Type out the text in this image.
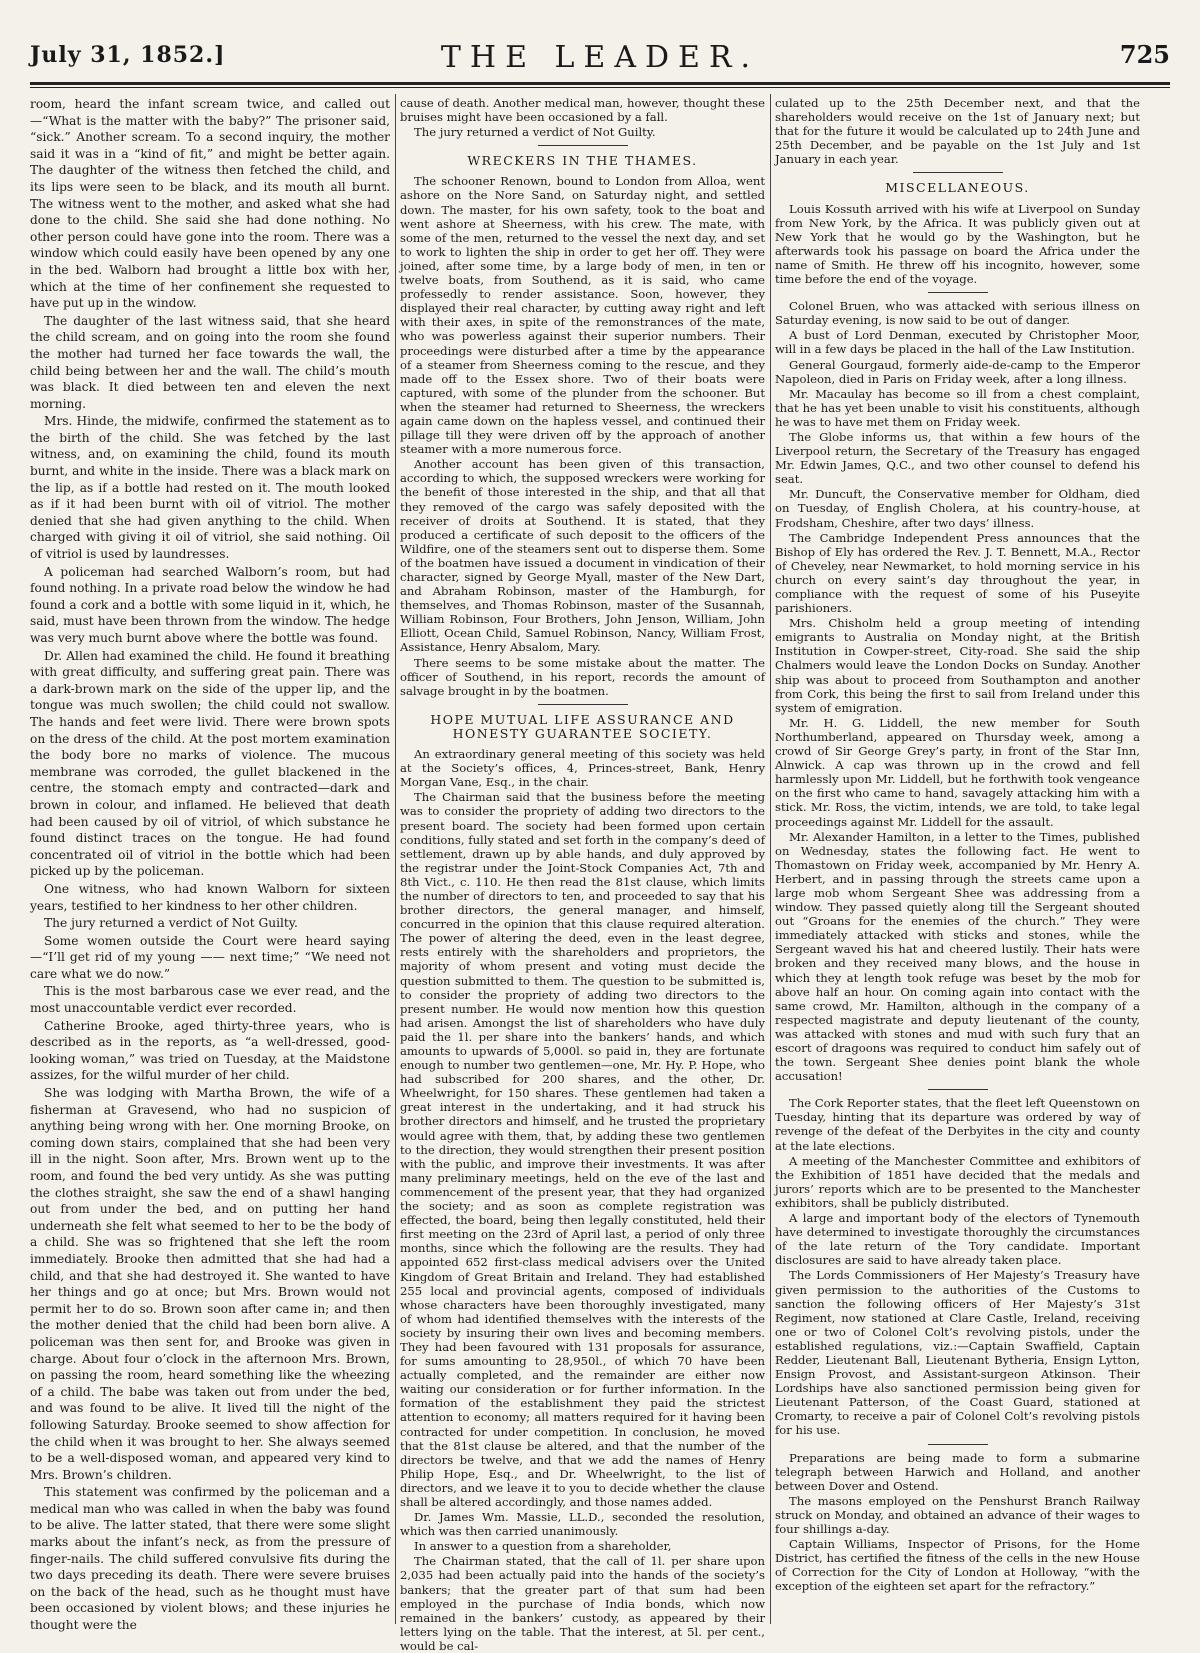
July 31, 1852.]	THE LEADER.	725

room, heard the infant scream twice, and called out—“What is the matter with the baby?” The prisoner said, “sick.” Another scream. To a second inquiry, the mother said it was in a “kind of fit,” and might be better again. The daughter of the witness then fetched the child, and its lips were seen to be black, and its mouth all burnt. The witness went to the mother, and asked what she had done to the child. She said she had done nothing. No other person could have gone into the room. There was a window which could easily have been opened by any one in the bed. Walborn had brought a little box with her, which at the time of her confinement she requested to have put up in the window.

The daughter of the last witness said, that she heard the child scream, and on going into the room she found the mother had turned her face towards the wall, the child being between her and the wall. The child’s mouth was black. It died between ten and eleven the next morning.

Mrs. Hinde, the midwife, confirmed the statement as to the birth of the child. She was fetched by the last witness, and, on examining the child, found its mouth burnt, and white in the inside. There was a black mark on the lip, as if a bottle had rested on it. The mouth looked as if it had been burnt with oil of vitriol. The mother denied that she had given anything to the child. When charged with giving it oil of vitriol, she said nothing. Oil of vitriol is used by laundresses.

A policeman had searched Walborn’s room, but had found nothing. In a private road below the window he had found a cork and a bottle with some liquid in it, which, he said, must have been thrown from the window. The hedge was very much burnt above where the bottle was found.

Dr. Allen had examined the child. He found it breathing with great difficulty, and suffering great pain. There was a dark-brown mark on the side of the upper lip, and the tongue was much swollen; the child could not swallow. The hands and feet were livid. There were brown spots on the dress of the child. At the post mortem examination the body bore no marks of violence. The mucous membrane was corroded, the gullet blackened in the centre, the stomach empty and contracted—dark and brown in colour, and inflamed. He believed that death had been caused by oil of vitriol, of which substance he found distinct traces on the tongue. He had found concentrated oil of vitriol in the bottle which had been picked up by the policeman.

One witness, who had known Walborn for sixteen years, testified to her kindness to her other children.

The jury returned a verdict of Not Guilty.

Some women outside the Court were heard saying—“I’ll get rid of my young —— next time;” “We need not care what we do now.”

This is the most barbarous case we ever read, and the most unaccountable verdict ever recorded.

Catherine Brooke, aged thirty-three years, who is described as in the reports, as “a well-dressed, good-looking woman,” was tried on Tuesday, at the Maidstone assizes, for the wilful murder of her child.

She was lodging with Martha Brown, the wife of a fisherman at Gravesend, who had no suspicion of anything being wrong with her. One morning Brooke, on coming down stairs, complained that she had been very ill in the night. Soon after, Mrs. Brown went up to the room, and found the bed very untidy. As she was putting the clothes straight, she saw the end of a shawl hanging out from under the bed, and on putting her hand underneath she felt what seemed to her to be the body of a child. She was so frightened that she left the room immediately. Brooke then admitted that she had had a child, and that she had destroyed it. She wanted to have her things and go at once; but Mrs. Brown would not permit her to do so. Brown soon after came in; and then the mother denied that the child had been born alive. A policeman was then sent for, and Brooke was given in charge. About four o’clock in the afternoon Mrs. Brown, on passing the room, heard something like the wheezing of a child. The babe was taken out from under the bed, and was found to be alive. It lived till the night of the following Saturday. Brooke seemed to show affection for the child when it was brought to her. She always seemed to be a well-disposed woman, and appeared very kind to Mrs. Brown’s children.

This statement was confirmed by the policeman and a medical man who was called in when the baby was found to be alive. The latter stated, that there were some slight marks about the infant’s neck, as from the pressure of finger-nails. The child suffered convulsive fits during the two days preceding its death. There were severe bruises on the back of the head, such as he thought must have been occasioned by violent blows; and these injuries he thought were the

cause of death. Another medical man, however, thought these bruises might have been occasioned by a fall.

The jury returned a verdict of Not Guilty.

WRECKERS IN THE THAMES.

The schooner Renown, bound to London from Alloa, went ashore on the Nore Sand, on Saturday night, and settled down. The master, for his own safety, took to the boat and went ashore at Sheerness, with his crew. The mate, with some of the men, returned to the vessel the next day, and set to work to lighten the ship in order to get her off. They were joined, after some time, by a large body of men, in ten or twelve boats, from Southend, as it is said, who came professedly to render assistance. Soon, however, they displayed their real character, by cutting away right and left with their axes, in spite of the remonstrances of the mate, who was powerless against their superior numbers. Their proceedings were disturbed after a time by the appearance of a steamer from Sheerness coming to the rescue, and they made off to the Essex shore. Two of their boats were captured, with some of the plunder from the schooner. But when the steamer had returned to Sheerness, the wreckers again came down on the hapless vessel, and continued their pillage till they were driven off by the approach of another steamer with a more numerous force.

Another account has been given of this transaction, according to which, the supposed wreckers were working for the benefit of those interested in the ship, and that all that they removed of the cargo was safely deposited with the receiver of droits at Southend. It is stated, that they produced a certificate of such deposit to the officers of the Wildfire, one of the steamers sent out to disperse them. Some of the boatmen have issued a document in vindication of their character, signed by George Myall, master of the New Dart, and Abraham Robinson, master of the Hamburgh, for themselves, and Thomas Robinson, master of the Susannah, William Robinson, Four Brothers, John Jenson, William, John Elliott, Ocean Child, Samuel Robinson, Nancy, William Frost, Assistance, Henry Absalom, Mary.

There seems to be some mistake about the matter. The officer of Southend, in his report, records the amount of salvage brought in by the boatmen.

HOPE MUTUAL LIFE ASSURANCE AND HONESTY GUARANTEE SOCIETY.

An extraordinary general meeting of this society was held at the Society’s offices, 4, Princes-street, Bank, Henry Morgan Vane, Esq., in the chair.

The Chairman said that the business before the meeting was to consider the propriety of adding two directors to the present board. The society had been formed upon certain conditions, fully stated and set forth in the company’s deed of settlement, drawn up by able hands, and duly approved by the registrar under the Joint-Stock Companies Act, 7th and 8th Vict., c. 110. He then read the 81st clause, which limits the number of directors to ten, and proceeded to say that his brother directors, the general manager, and himself, concurred in the opinion that this clause required alteration. The power of altering the deed, even in the least degree, rests entirely with the shareholders and proprietors, the majority of whom present and voting must decide the question submitted to them. The question to be submitted is, to consider the propriety of adding two directors to the present number. He would now mention how this question had arisen. Amongst the list of shareholders who have duly paid the 1l. per share into the bankers’ hands, and which amounts to upwards of 5,000l. so paid in, they are fortunate enough to number two gentlemen—one, Mr. Hy. P. Hope, who had subscribed for 200 shares, and the other, Dr. Wheelwright, for 150 shares. These gentlemen had taken a great interest in the undertaking, and it had struck his brother directors and himself, and he trusted the proprietary would agree with them, that, by adding these two gentlemen to the direction, they would strengthen their present position with the public, and improve their investments. It was after many preliminary meetings, held on the eve of the last and commencement of the present year, that they had organized the society; and as soon as complete registration was effected, the board, being then legally constituted, held their first meeting on the 23rd of April last, a period of only three months, since which the following are the results. They had appointed 652 first-class medical advisers over the United Kingdom of Great Britain and Ireland. They had established 255 local and provincial agents, composed of individuals whose characters have been thoroughly investigated, many of whom had identified themselves with the interests of the society by insuring their own lives and becoming members. They had been favoured with 131 proposals for assurance, for sums amounting to 28,950l., of which 70 have been actually completed, and the remainder are either now waiting our consideration or for further information. In the formation of the establishment they paid the strictest attention to economy; all matters required for it having been contracted for under competition. In conclusion, he moved that the 81st clause be altered, and that the number of the directors be twelve, and that we add the names of Henry Philip Hope, Esq., and Dr. Wheelwright, to the list of directors, and we leave it to you to decide whether the clause shall be altered accordingly, and those names added.

Dr. James Wm. Massie, LL.D., seconded the resolution, which was then carried unanimously.

In answer to a question from a shareholder,

The Chairman stated, that the call of 1l. per share upon 2,035 had been actually paid into the hands of the society’s bankers; that the greater part of that sum had been employed in the purchase of India bonds, which now remained in the bankers’ custody, as appeared by their letters lying on the table. That the interest, at 5l. per cent., would be cal-

culated up to the 25th December next, and that the shareholders would receive on the 1st of January next; but that for the future it would be calculated up to 24th June and 25th December, and be payable on the 1st July and 1st January in each year.

MISCELLANEOUS.

Louis Kossuth arrived with his wife at Liverpool on Sunday from New York, by the Africa. It was publicly given out at New York that he would go by the Washington, but he afterwards took his passage on board the Africa under the name of Smith. He threw off his incognito, however, some time before the end of the voyage.

Colonel Bruen, who was attacked with serious illness on Saturday evening, is now said to be out of danger.

A bust of Lord Denman, executed by Christopher Moor, will in a few days be placed in the hall of the Law Institution.

General Gourgaud, formerly aide-de-camp to the Emperor Napoleon, died in Paris on Friday week, after a long illness.

Mr. Macaulay has become so ill from a chest complaint, that he has yet been unable to visit his constituents, although he was to have met them on Friday week.

The Globe informs us, that within a few hours of the Liverpool return, the Secretary of the Treasury has engaged Mr. Edwin James, Q.C., and two other counsel to defend his seat.

Mr. Duncuft, the Conservative member for Oldham, died on Tuesday, of English Cholera, at his country-house, at Frodsham, Cheshire, after two days’ illness.

The Cambridge Independent Press announces that the Bishop of Ely has ordered the Rev. J. T. Bennett, M.A., Rector of Cheveley, near Newmarket, to hold morning service in his church on every saint’s day throughout the year, in compliance with the request of some of his Puseyite parishioners.

Mrs. Chisholm held a group meeting of intending emigrants to Australia on Monday night, at the British Institution in Cowper-street, City-road. She said the ship Chalmers would leave the London Docks on Sunday. Another ship was about to proceed from Southampton and another from Cork, this being the first to sail from Ireland under this system of emigration.

Mr. H. G. Liddell, the new member for South Northumberland, appeared on Thursday week, among a crowd of Sir George Grey’s party, in front of the Star Inn, Alnwick. A cap was thrown up in the crowd and fell harmlessly upon Mr. Liddell, but he forthwith took vengeance on the first who came to hand, savagely attacking him with a stick. Mr. Ross, the victim, intends, we are told, to take legal proceedings against Mr. Liddell for the assault.

Mr. Alexander Hamilton, in a letter to the Times, published on Wednesday, states the following fact. He went to Thomastown on Friday week, accompanied by Mr. Henry A. Herbert, and in passing through the streets came upon a large mob whom Sergeant Shee was addressing from a window. They passed quietly along till the Sergeant shouted out “Groans for the enemies of the church.” They were immediately attacked with sticks and stones, while the Sergeant waved his hat and cheered lustily. Their hats were broken and they received many blows, and the house in which they at length took refuge was beset by the mob for above half an hour. On coming again into contact with the same crowd, Mr. Hamilton, although in the company of a respected magistrate and deputy lieutenant of the county, was attacked with stones and mud with such fury that an escort of dragoons was required to conduct him safely out of the town. Sergeant Shee denies point blank the whole accusation!

The Cork Reporter states, that the fleet left Queenstown on Tuesday, hinting that its departure was ordered by way of revenge of the defeat of the Derbyites in the city and county at the late elections.

A meeting of the Manchester Committee and exhibitors of the Exhibition of 1851 have decided that the medals and jurors’ reports which are to be presented to the Manchester exhibitors, shall be publicly distributed.

A large and important body of the electors of Tynemouth have determined to investigate thoroughly the circumstances of the late return of the Tory candidate. Important disclosures are said to have already taken place.

The Lords Commissioners of Her Majesty’s Treasury have given permission to the authorities of the Customs to sanction the following officers of Her Majesty’s 31st Regiment, now stationed at Clare Castle, Ireland, receiving one or two of Colonel Colt’s revolving pistols, under the established regulations, viz.:—Captain Swaffield, Captain Redder, Lieutenant Ball, Lieutenant Bytheria, Ensign Lytton, Ensign Provost, and Assistant-surgeon Atkinson. Their Lordships have also sanctioned permission being given for Lieutenant Patterson, of the Coast Guard, stationed at Cromarty, to receive a pair of Colonel Colt’s revolving pistols for his use.

Preparations are being made to form a submarine telegraph between Harwich and Holland, and another between Dover and Ostend.

The masons employed on the Penshurst Branch Railway struck on Monday, and obtained an advance of their wages to four shillings a-day.

Captain Williams, Inspector of Prisons, for the Home District, has certified the fitness of the cells in the new House of Correction for the City of London at Holloway, “with the exception of the eighteen set apart for the refractory.”
